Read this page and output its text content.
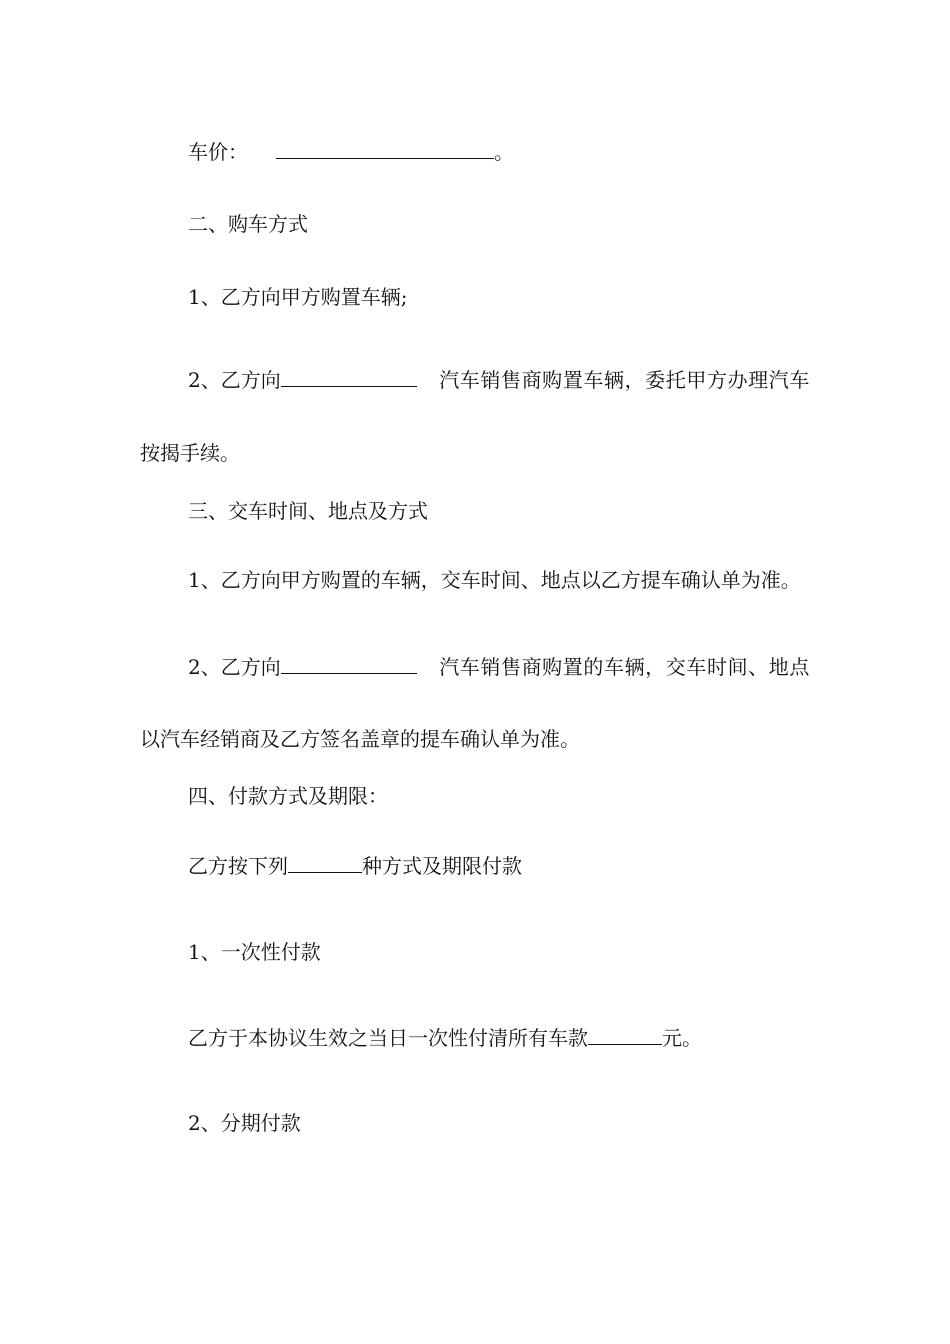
车价：	。
二、购车方式
1、乙方向甲方购置车辆;
2、乙方向	汽车销售商购置车辆，委托甲方办理汽车
按揭手续。
三、交车时间、地点及方式
1、乙方向甲方购置的车辆，交车时间、地点以乙方提车确认单为准。
2、乙方向	汽车销售商购置的车辆，交车时间、地点
以汽车经销商及乙方签名盖章的提车确认单为准。
四、付款方式及期限：
乙方按下列	种方式及期限付款
1、一次性付款
乙方于本协议生效之当日一次性付清所有车款	元。
2、分期付款
